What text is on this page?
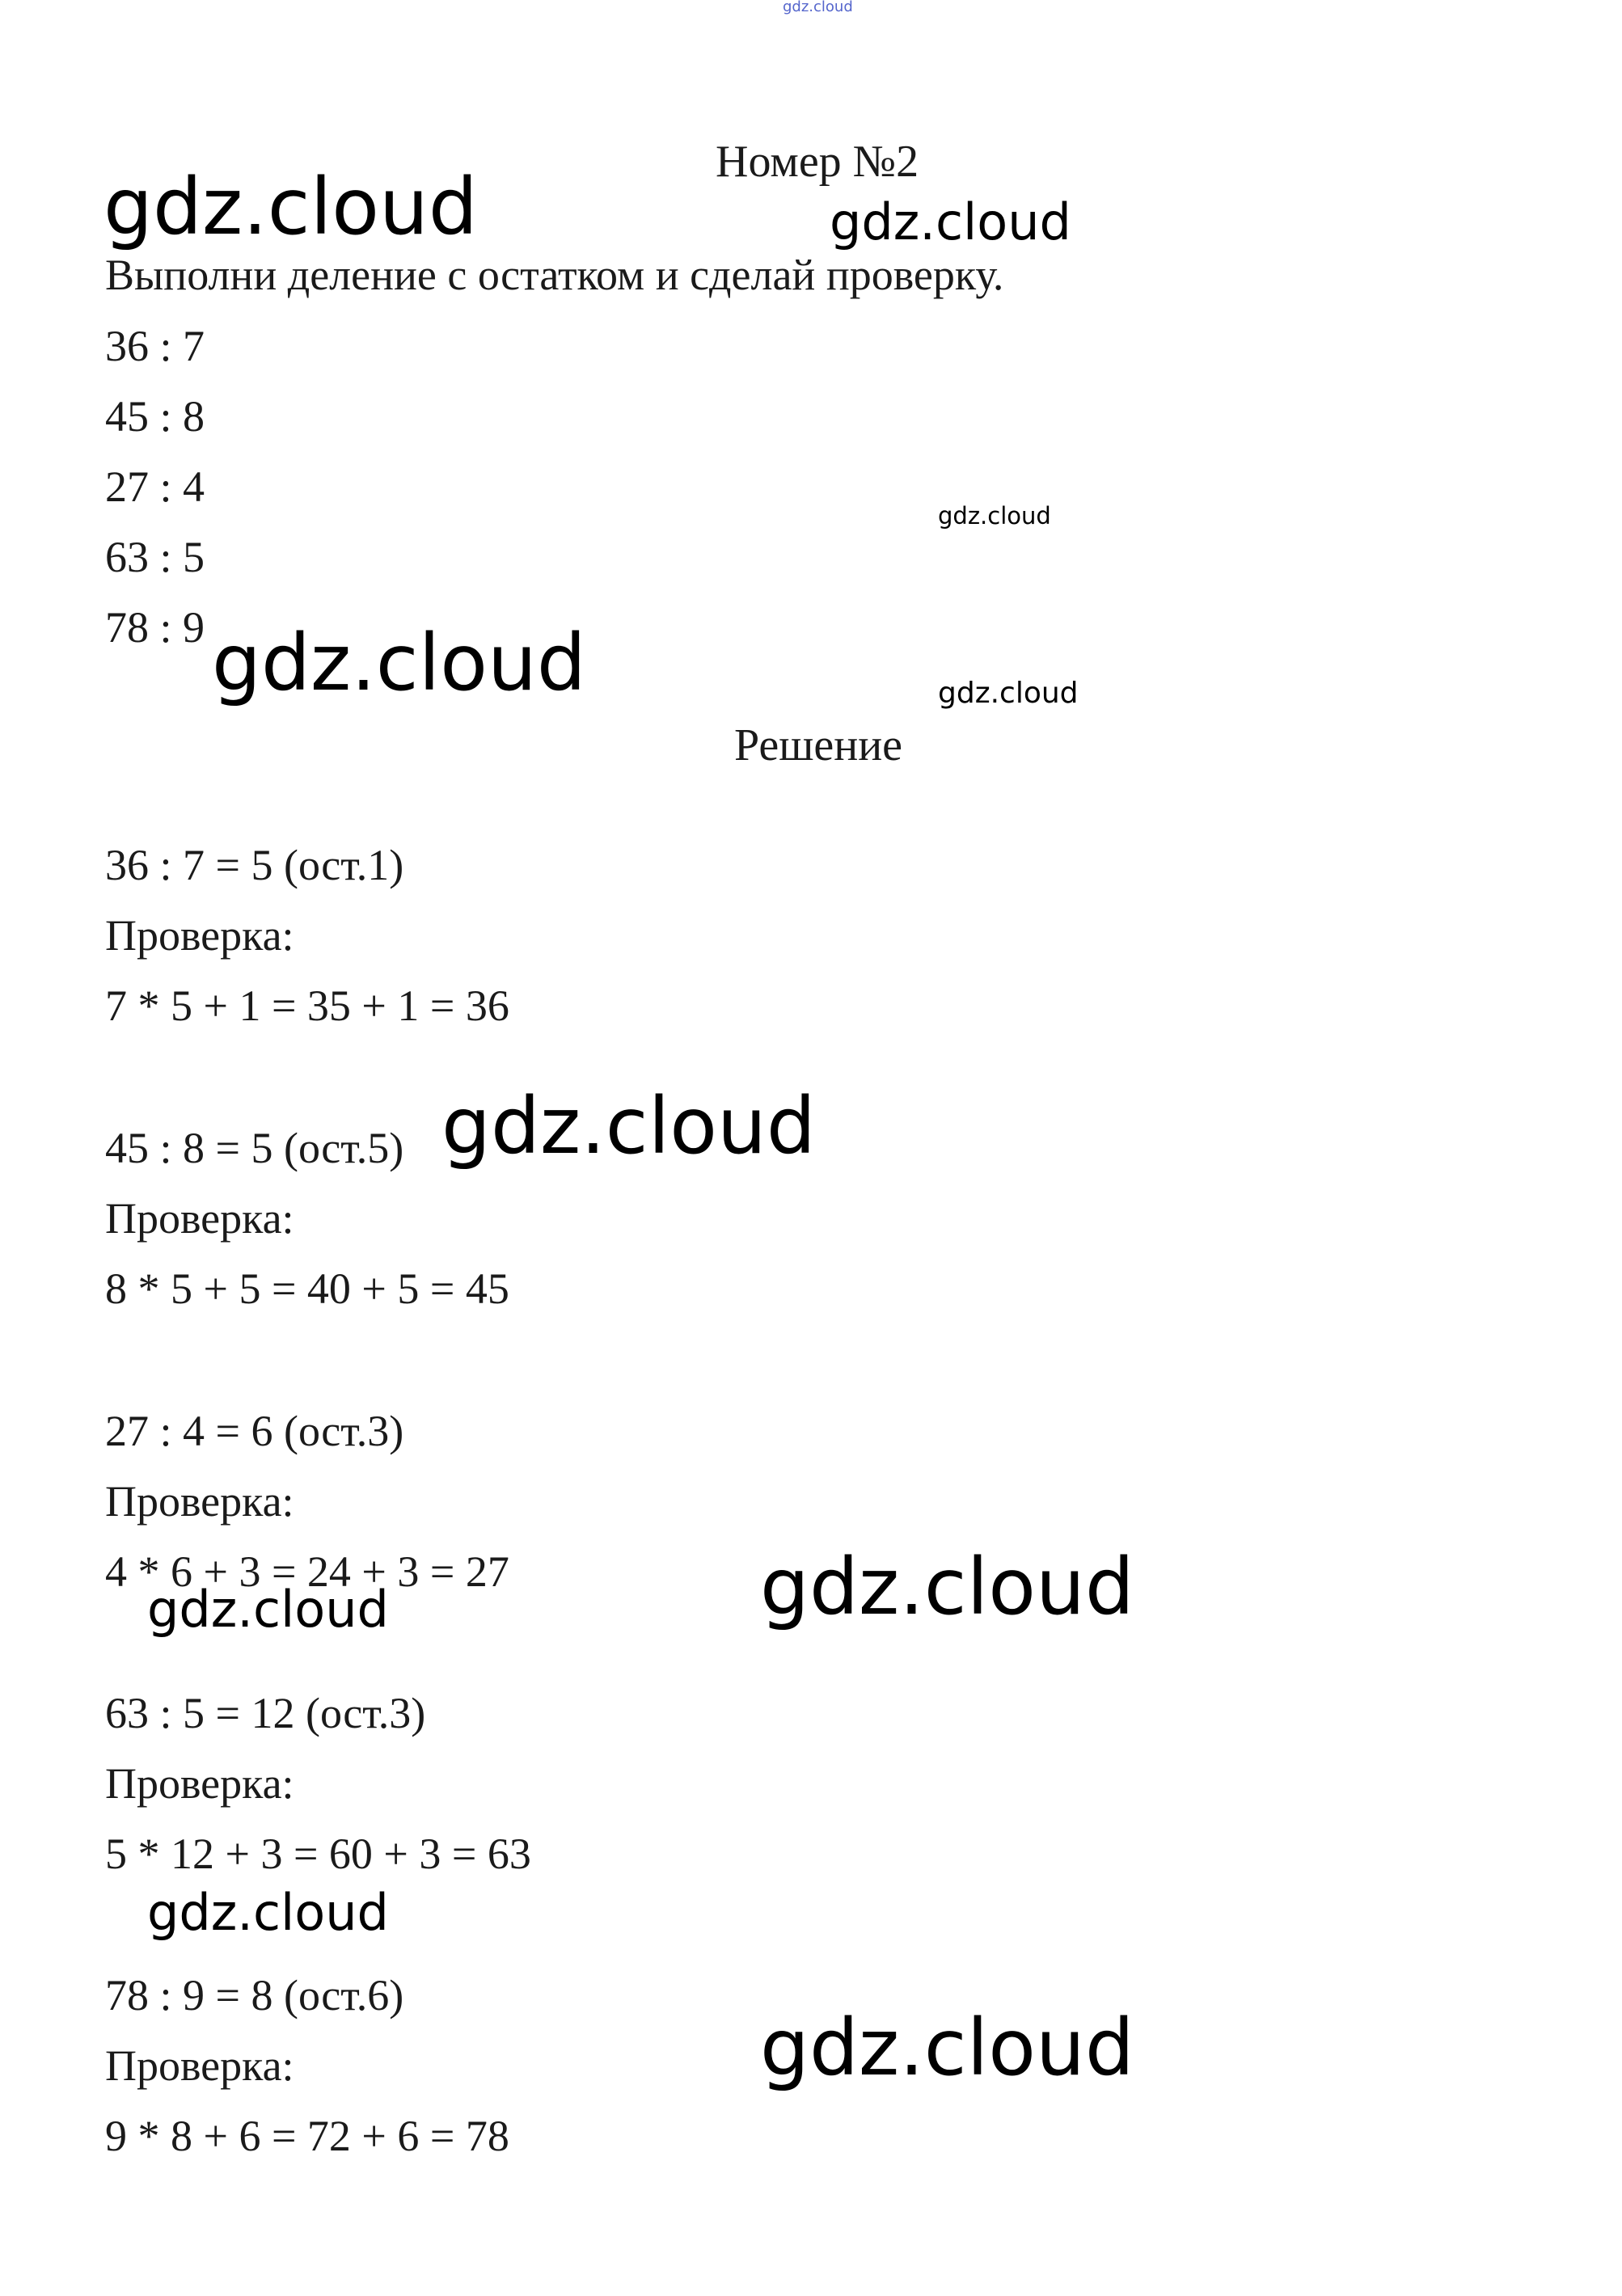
Номер №2
Выполни деление с остатком и сделай проверку.
36 : 7
45 : 8
27 : 4
63 : 5
78 : 9
Решение
36 : 7 = 5 (ост.1)
Проверка:
7 * 5 + 1 = 35 + 1 = 36
45 : 8 = 5 (ост.5)
Проверка:
8 * 5 + 5 = 40 + 5 = 45
27 : 4 = 6 (ост.3)
Проверка:
4 * 6 + 3 = 24 + 3 = 27
63 : 5 = 12 (ост.3)
Проверка:
5 * 12 + 3 = 60 + 3 = 63
78 : 9 = 8 (ост.6)
Проверка:
9 * 8 + 6 = 72 + 6 = 78
gdz.cloud
gdz.cloud	gdz.cloud
gdz.cloud
gdz.cloud	gdz.cloud
gdz.cloud
gdz.cloud
gdz.cloud
gdz.cloud
gdz.cloud
